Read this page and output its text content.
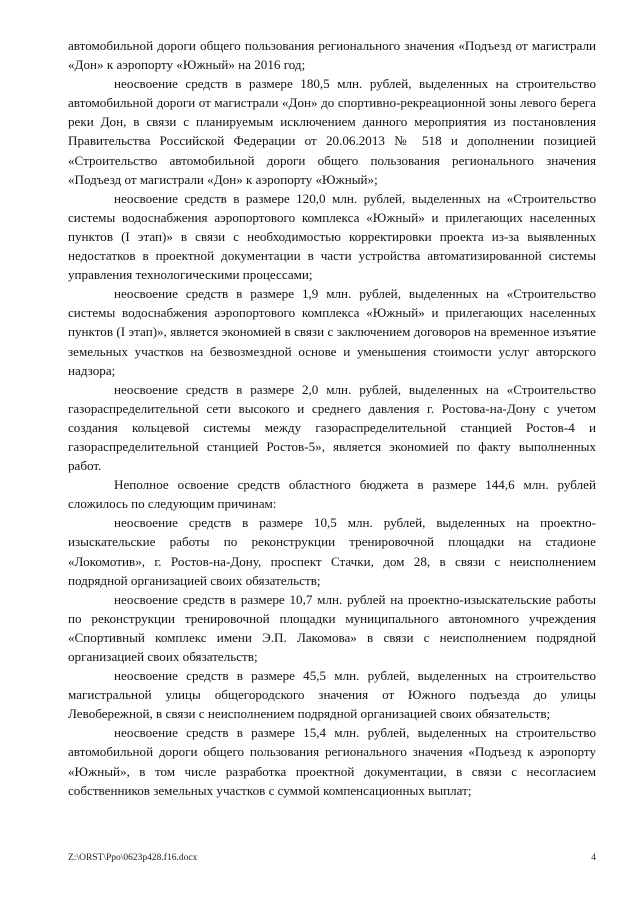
автомобильной дороги общего пользования регионального значения «Подъезд от магистрали «Дон» к аэропорту «Южный» на 2016 год;

неосвоение средств в размере 180,5 млн. рублей, выделенных на строительство автомобильной дороги от магистрали «Дон» до спортивно-рекреационной зоны левого берега реки Дон, в связи с планируемым исключением данного мероприятия из постановления Правительства Российской Федерации от 20.06.2013 № 518 и дополнении позицией «Строительство автомобильной дороги общего пользования регионального значения «Подъезд от магистрали «Дон» к аэропорту «Южный»;

неосвоение средств в размере 120,0 млн. рублей, выделенных на «Строительство системы водоснабжения аэропортового комплекса «Южный» и прилегающих населенных пунктов (I этап)» в связи с необходимостью корректировки проекта из-за выявленных недостатков в проектной документации в части устройства автоматизированной системы управления технологическими процессами;

неосвоение средств в размере 1,9 млн. рублей, выделенных на «Строительство системы водоснабжения аэропортового комплекса «Южный» и прилегающих населенных пунктов (I этап)», является экономией в связи с заключением договоров на временное изъятие земельных участков на безвозмездной основе и уменьшения стоимости услуг авторского надзора;

неосвоение средств в размере 2,0 млн. рублей, выделенных на «Строительство газораспределительной сети высокого и среднего давления г. Ростова-на-Дону с учетом создания кольцевой системы между газораспределительной станцией Ростов-4 и газораспределительной станцией Ростов-5», является экономией по факту выполненных работ.

Неполное освоение средств областного бюджета в размере 144,6 млн. рублей сложилось по следующим причинам:

неосвоение средств в размере 10,5 млн. рублей, выделенных на проектно-изыскательские работы по реконструкции тренировочной площадки на стадионе «Локомотив», г. Ростов-на-Дону, проспект Стачки, дом 28, в связи с неисполнением подрядной организацией своих обязательств;

неосвоение средств в размере 10,7 млн. рублей на проектно-изыскательские работы по реконструкции тренировочной площадки муниципального автономного учреждения «Спортивный комплекс имени Э.П. Лакомова» в связи с неисполнением подрядной организацией своих обязательств;

неосвоение средств в размере 45,5 млн. рублей, выделенных на строительство магистральной улицы общегородского значения от Южного подъезда до улицы Левобережной, в связи с неисполнением подрядной организацией своих обязательств;

неосвоение средств в размере 15,4 млн. рублей, выделенных на строительство автомобильной дороги общего пользования регионального значения «Подъезд к аэропорту «Южный», в том числе разработка проектной документации, в связи с несогласием собственников земельных участков с суммой компенсационных выплат;

Z:\ORST\Ppo\0623p428.f16.docx	4
